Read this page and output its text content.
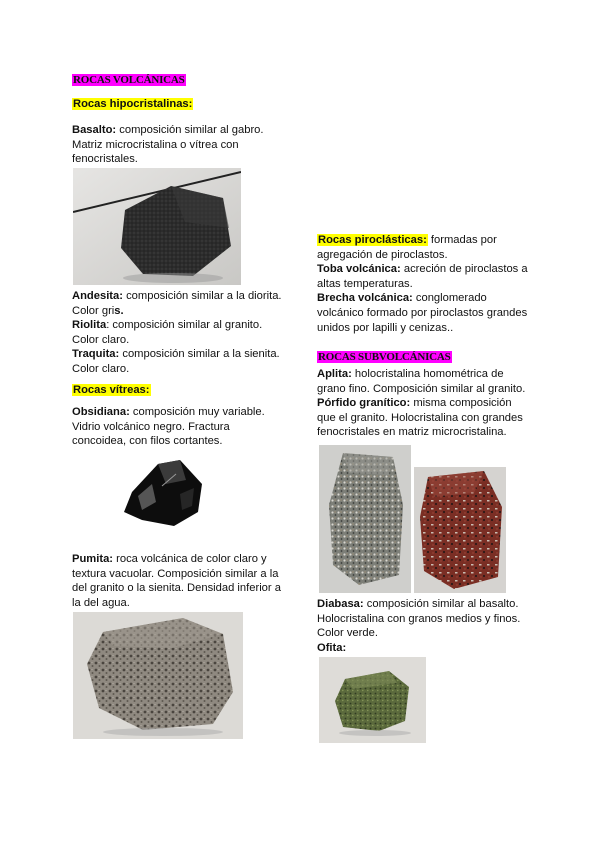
ROCAS VOLCÁNICAS
Rocas hipocristalinas:

Basalto: composición similar al gabro.

Matriz microcristalina o vítrea con

fenocristales.

Andesita: composición similar a la diorita.

Color gris.

Riolita: composición similar al granito.

Color claro.

Traquita: composición similar a la sienita.

Color claro.

Rocas vítreas:

Obsidiana: composición muy variable.

Vidrio volcánico negro. Fractura

concoidea, con filos cortantes.

Pumita: roca volcánica de color claro y

textura vacuolar. Composición similar a la

del granito o la sienita. Densidad inferior a

la del agua.

Rocas piroclásticas: formadas por

agregación de piroclastos.

Toba volcánica: acreción de piroclastos a

altas temperaturas.

Brecha volcánica: conglomerado

volcánico formado por piroclastos grandes

unidos por lapilli y cenizas..

ROCAS SUBVOLCÁNICAS

Aplita: holocristalina homométrica de

grano fino. Composición similar al granito.

Pórfido granítico: misma composición

que el granito. Holocristalina con grandes

fenocristales en matriz microcristalina.

Diabasa: composición similar al basalto.

Holocristalina con granos medios y finos.

Color verde.

Ofita:
